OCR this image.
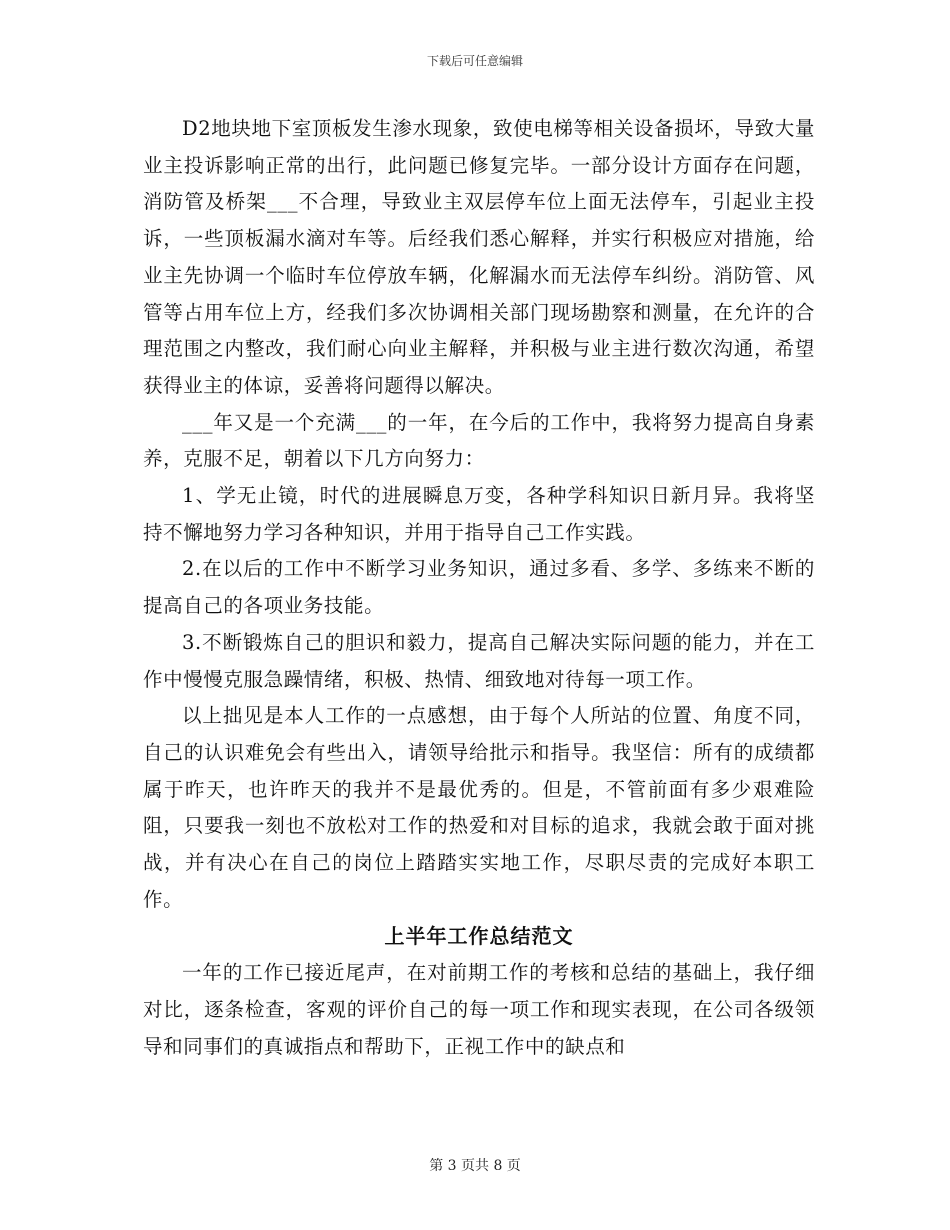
下载后可任意编辑

D2地块地下室顶板发生渗水现象，致使电梯等相关设备损坏，导致大量业主投诉影响正常的出行，此问题已修复完毕。一部分设计方面存在问题，消防管及桥架___不合理，导致业主双层停车位上面无法停车，引起业主投诉，一些顶板漏水滴对车等。后经我们悉心解释，并实行积极应对措施，给业主先协调一个临时车位停放车辆，化解漏水而无法停车纠纷。消防管、风管等占用车位上方，经我们多次协调相关部门现场勘察和测量，在允许的合理范围之内整改，我们耐心向业主解释，并积极与业主进行数次沟通，希望获得业主的体谅，妥善将问题得以解决。

___年又是一个充满___的一年，在今后的工作中，我将努力提高自身素养，克服不足，朝着以下几方向努力：

1、学无止镜，时代的进展瞬息万变，各种学科知识日新月异。我将坚持不懈地努力学习各种知识，并用于指导自己工作实践。

2.在以后的工作中不断学习业务知识，通过多看、多学、多练来不断的提高自己的各项业务技能。

3.不断锻炼自己的胆识和毅力，提高自己解决实际问题的能力，并在工作中慢慢克服急躁情绪，积极、热情、细致地对待每一项工作。

以上拙见是本人工作的一点感想，由于每个人所站的位置、角度不同，自己的认识难免会有些出入，请领导给批示和指导。我坚信：所有的成绩都属于昨天，也许昨天的我并不是最优秀的。但是，不管前面有多少艰难险阻，只要我一刻也不放松对工作的热爱和对目标的追求，我就会敢于面对挑战，并有决心在自己的岗位上踏踏实实地工作，尽职尽责的完成好本职工作。

上半年工作总结范文

一年的工作已接近尾声，在对前期工作的考核和总结的基础上，我仔细对比，逐条检查，客观的评价自己的每一项工作和现实表现，在公司各级领导和同事们的真诚指点和帮助下，正视工作中的缺点和

第 3 页共 8 页
